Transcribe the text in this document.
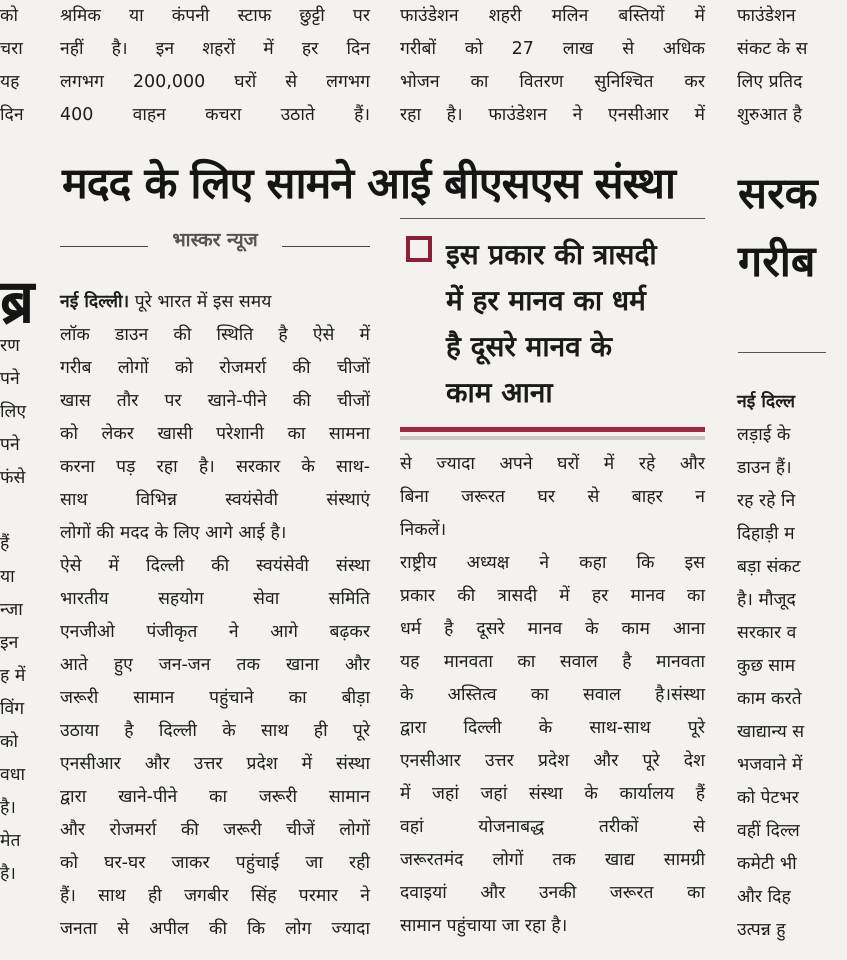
को
चरा
यह
दिन
रण
पने
लिए
पने
फंसे
हैं
या
न्जा
इन
ह में
विंग
को
वधा
है।
मेत
है।
ब्र
श्रमिक या कंपनी स्टाफ छुट्टी पर
नहीं है। इन शहरों में हर दिन
लगभग 200,000 घरों से लगभग
400 वाहन कचरा उठाते हैं।
फाउंडेशन शहरी मलिन बस्तियों में
गरीबों को 27 लाख से अधिक
भोजन का वितरण सुनिश्चित कर
रहा है। फाउंडेशन ने एनसीआर में
मदद के लिए सामने आई बीएसएस संस्था
भास्कर न्यूज	इस प्रकार की त्रासदी
में हर मानव का धर्म
है दूसरे मानव के
काम आना
नई दिल्ली। पूरे भारत में इस समय
लॉक डाउन की स्थिति है ऐसे में
गरीब लोगों को रोजमर्रा की चीजों
खास तौर पर खाने-पीने की चीजों
को लेकर खासी परेशानी का सामना
करना पड़ रहा है। सरकार के साथ-
साथ विभिन्न स्वयंसेवी संस्थाएं
लोगों की मदद के लिए आगे आई है।
ऐसे में दिल्ली की स्वयंसेवी संस्था
भारतीय सहयोग सेवा समिति
एनजीओ पंजीकृत ने आगे बढ़कर
आते हुए जन-जन तक खाना और
जरूरी सामान पहुंचाने का बीड़ा
उठाया है दिल्ली के साथ ही पूरे
एनसीआर और उत्तर प्रदेश में संस्था
द्वारा खाने-पीने का जरूरी सामान
और रोजमर्रा की जरूरी चीजें लोगों
को घर-घर जाकर पहुंचाई जा रही
हैं। साथ ही जगबीर सिंह परमार ने
जनता से अपील की कि लोग ज्यादा
से ज्यादा अपने घरों में रहे और
बिना जरूरत घर से बाहर न
निकलें।
राष्ट्रीय अध्यक्ष ने कहा कि इस
प्रकार की त्रासदी में हर मानव का
धर्म है दूसरे मानव के काम आना
यह मानवता का सवाल है मानवता
के अस्तित्व का सवाल है।संस्था
द्वारा दिल्ली के साथ-साथ पूरे
एनसीआर उत्तर प्रदेश और पूरे देश
में जहां जहां संस्था के कार्यालय हैं
वहां योजनाबद्ध तरीकों से
जरूरतमंद लोगों तक खाद्य सामग्री
दवाइयां और उनकी जरूरत का
सामान पहुंचाया जा रहा है।
फाउंडेशन
संकट के स
लिए प्रतिद
शुरुआत है
नई दिल्ल
लड़ाई के
डाउन हैं।
रह रहे नि
दिहाड़ी म
बड़ा संकट
है। मौजूद
सरकार व
कुछ साम
काम करते
खाद्यान्य स
भजवाने में
को पेटभर
वहीं दिल्ल
कमेटी भी
और दिह
उत्पन्न हु
सरक
गरीब
